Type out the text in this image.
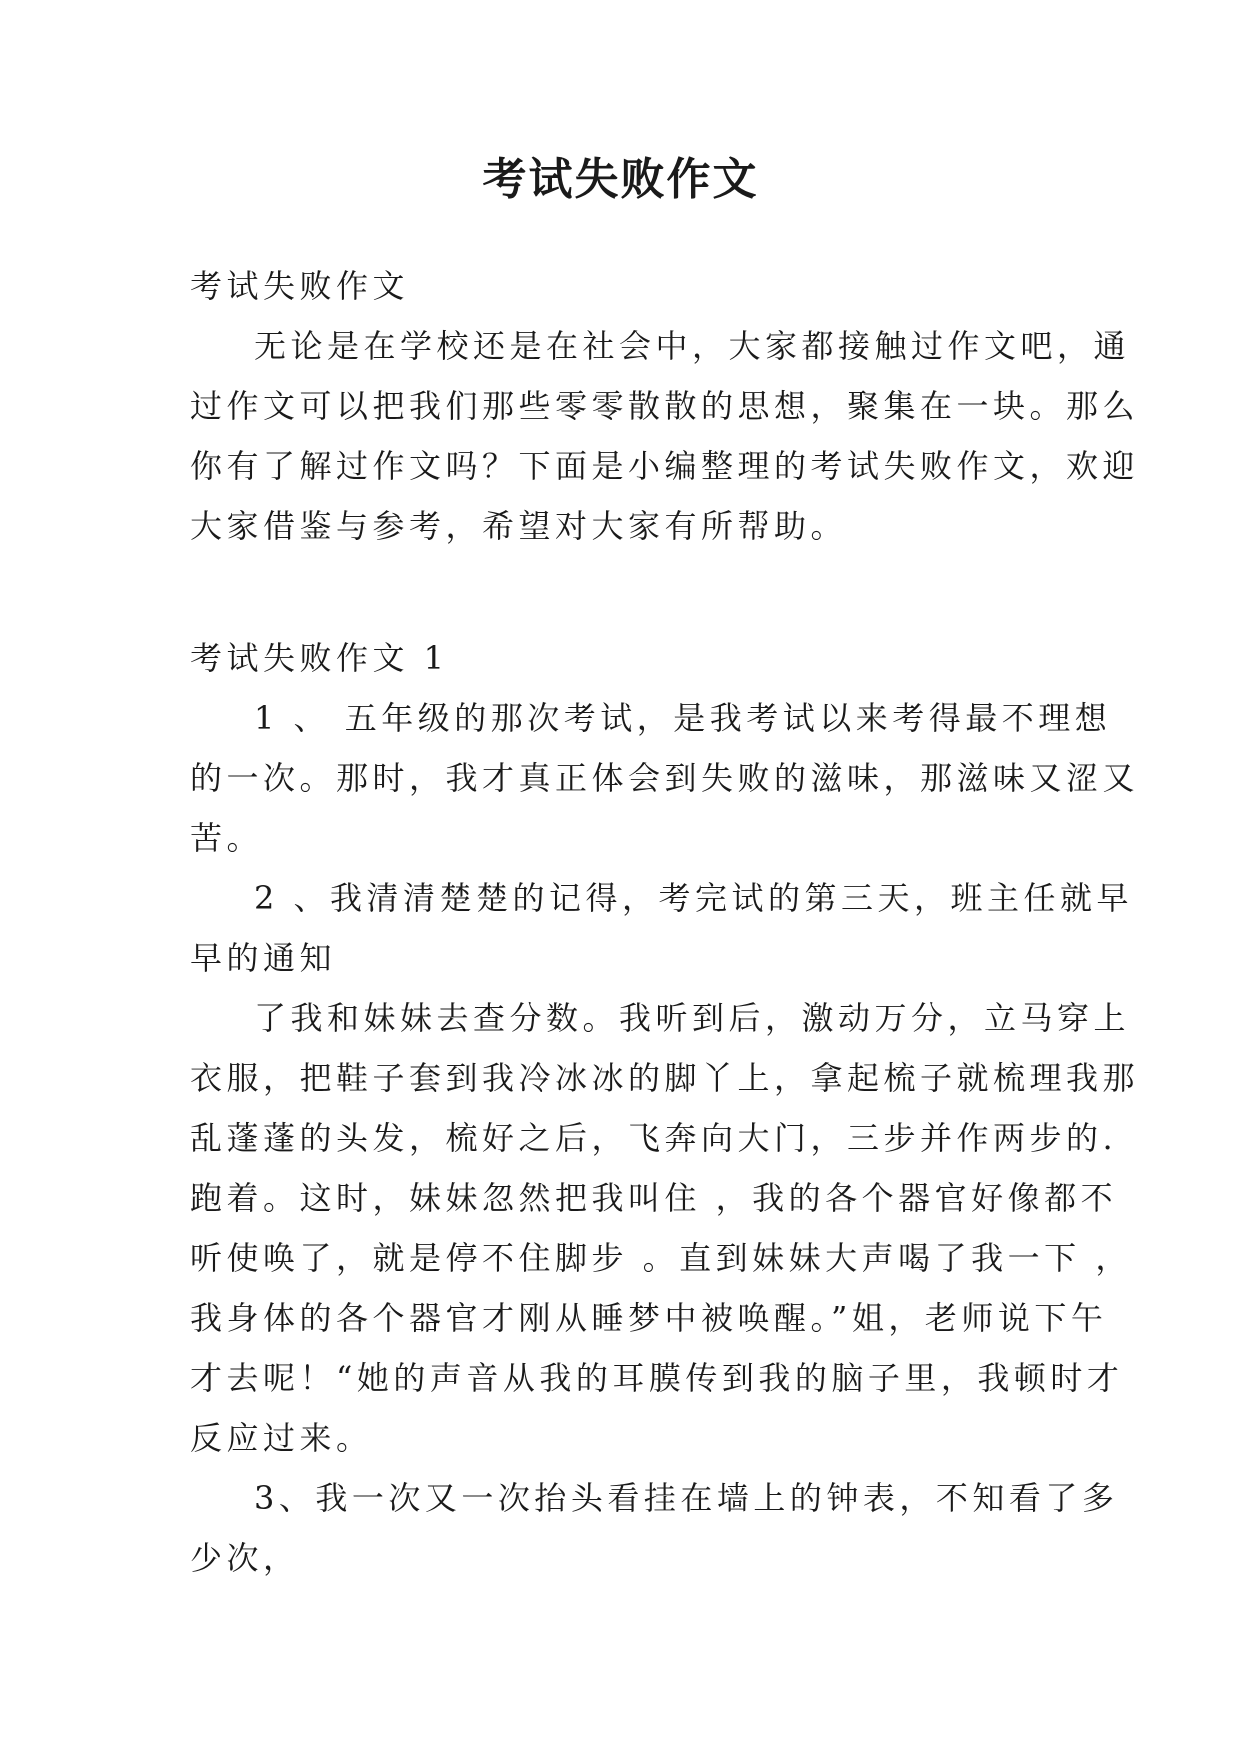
考试失败作文
考试失败作文
无论是在学校还是在社会中，大家都接触过作文吧，通
过作文可以把我们那些零零散散的思想，聚集在一块。那么
你有了解过作文吗？下面是小编整理的考试失败作文，欢迎
大家借鉴与参考，希望对大家有所帮助。
考试失败作文 1
1 、 五年级的那次考试，是我考试以来考得最不理想
的一次。那时，我才真正体会到失败的滋味，那滋味又涩又
苦。
2 、我清清楚楚的记得，考完试的第三天，班主任就早
早的通知
了我和妹妹去查分数。我听到后，激动万分，立马穿上
衣服，把鞋子套到我冷冰冰的脚丫上，拿起梳子就梳理我那
乱蓬蓬的头发，梳好之后，飞奔向大门，三步并作两步的.
跑着。这时，妹妹忽然把我叫住 ，我的各个器官好像都不
听使唤了，就是停不住脚步 。直到妹妹大声喝了我一下 ，
我身体的各个器官才刚从睡梦中被唤醒。”姐，老师说下午
才去呢！“她的声音从我的耳膜传到我的脑子里，我顿时才
反应过来。
3、我一次又一次抬头看挂在墙上的钟表，不知看了多
少次，
